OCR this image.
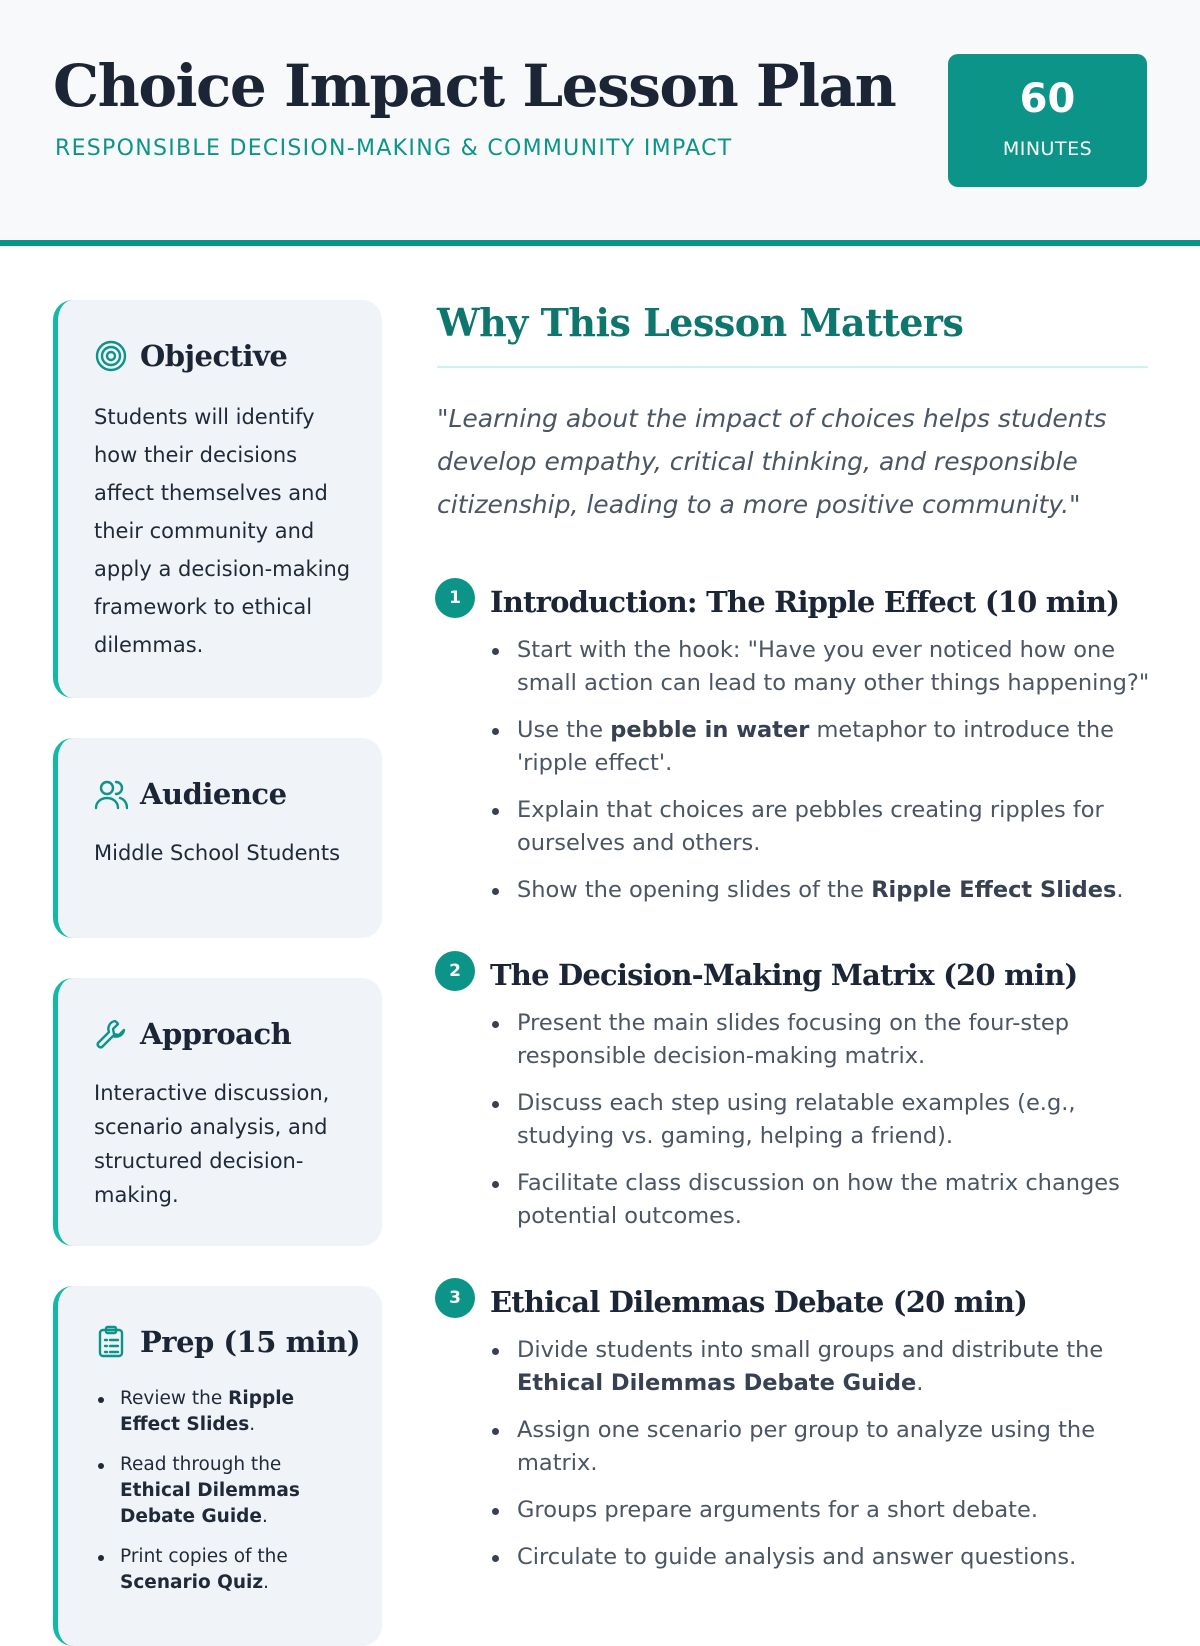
Choice Impact Lesson Plan
RESPONSIBLE DECISION-MAKING & COMMUNITY IMPACT
60
MINUTES
Objective
Students will identify how their decisions affect themselves and their community and apply a decision-making framework to ethical dilemmas.
Audience
Middle School Students
Approach
Interactive discussion, scenario analysis, and structured decision-making.
Prep (15 min)
Review the Ripple Effect Slides.
Read through the Ethical Dilemmas Debate Guide.
Print copies of the Scenario Quiz.
Why This Lesson Matters
"Learning about the impact of choices helps students develop empathy, critical thinking, and responsible citizenship, leading to a more positive community."
1	Introduction: The Ripple Effect (10 min)
Start with the hook: "Have you ever noticed how one small action can lead to many other things happening?"
Use the pebble in water metaphor to introduce the 'ripple effect'.
Explain that choices are pebbles creating ripples for ourselves and others.
Show the opening slides of the Ripple Effect Slides.
2	The Decision-Making Matrix (20 min)
Present the main slides focusing on the four-step responsible decision-making matrix.
Discuss each step using relatable examples (e.g., studying vs. gaming, helping a friend).
Facilitate class discussion on how the matrix changes potential outcomes.
3	Ethical Dilemmas Debate (20 min)
Divide students into small groups and distribute the Ethical Dilemmas Debate Guide.
Assign one scenario per group to analyze using the matrix.
Groups prepare arguments for a short debate.
Circulate to guide analysis and answer questions.
